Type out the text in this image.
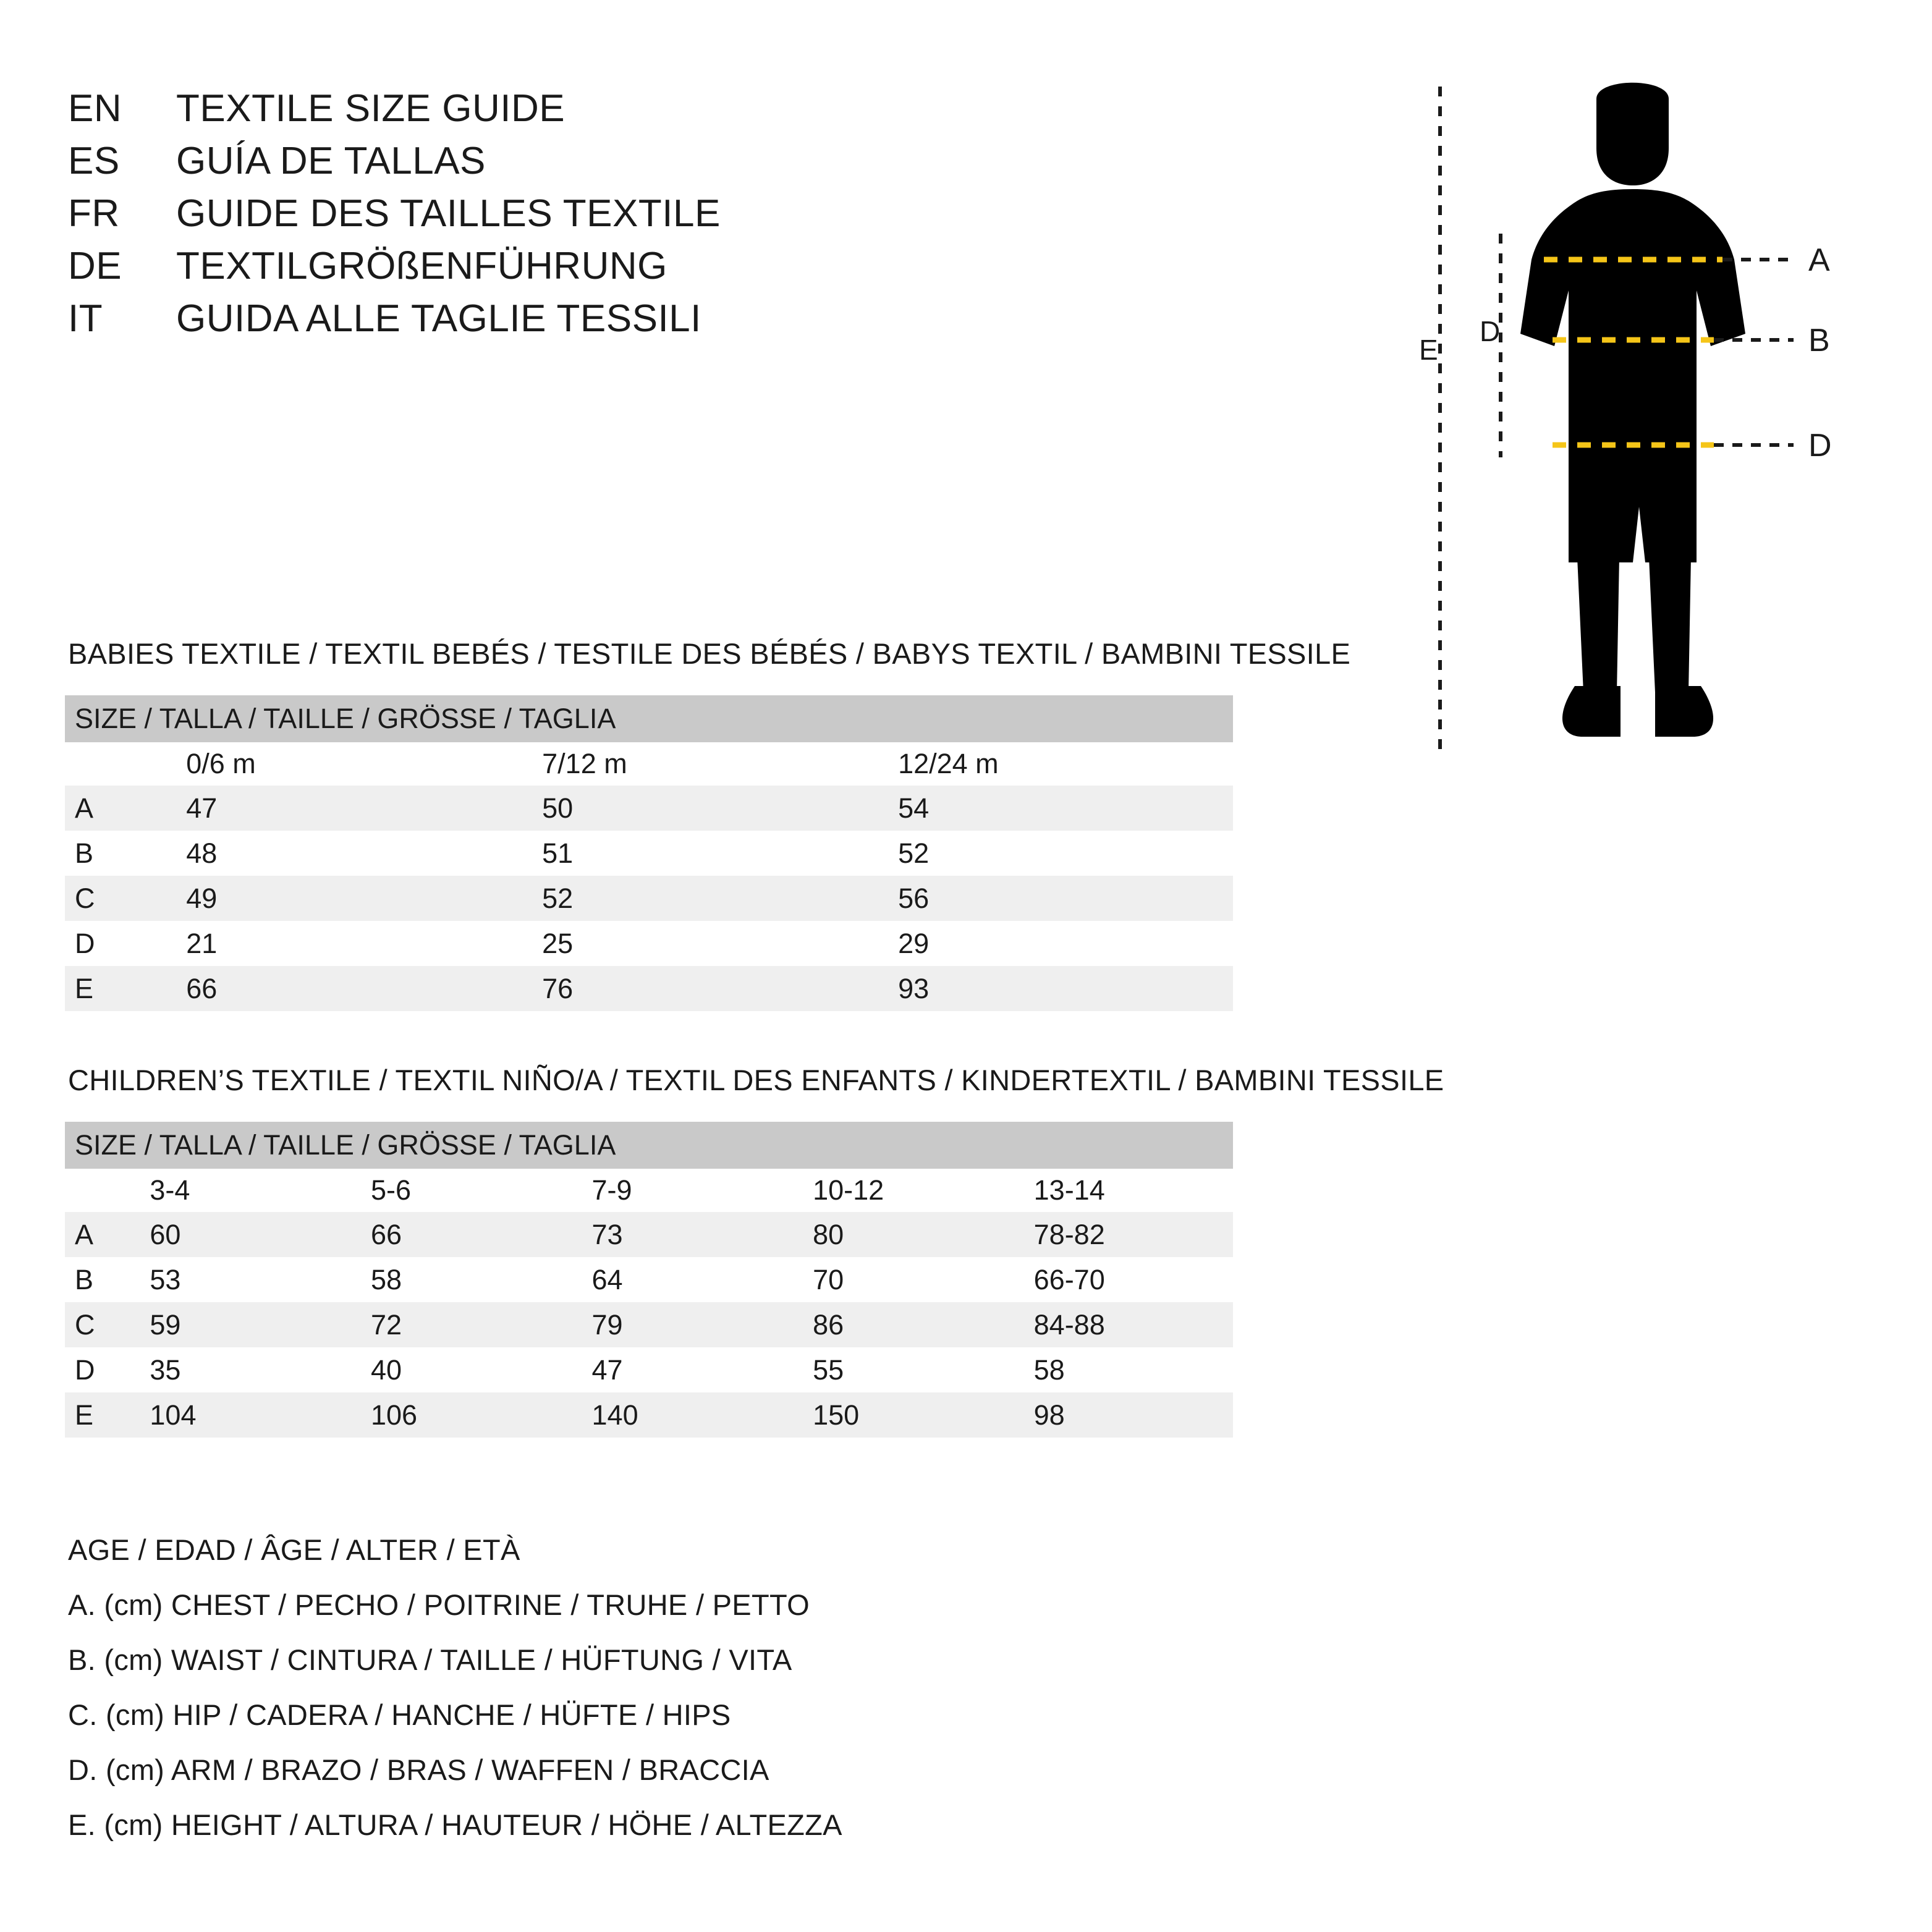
EN	TEXTILE SIZE GUIDE
ES	GUÍA DE TALLAS
FR	GUIDE DES TAILLES TEXTILE
DE	TEXTILGRÖßENFÜHRUNG
IT	GUIDA ALLE TAGLIE TESSILI
A
B
D
D
E
BABIES TEXTILE / TEXTIL BEBÉS / TESTILE DES BÉBÉS / BABYS TEXTIL / BAMBINI TESSILE
SIZE / TALLA / TAILLE / GRÖSSE / TAGLIA			
	0/6 m	7/12 m	12/24 m
A	47	50	54
B	48	51	52
C	49	52	56
D	21	25	29
E	66	76	93
CHILDREN’S TEXTILE / TEXTIL NIÑO/A / TEXTIL DES ENFANTS / KINDERTEXTIL / BAMBINI TESSILE
SIZE / TALLA / TAILLE / GRÖSSE / TAGLIA					
	3-4	5-6	7-9	10-12	13-14
A	60	66	73	80	78-82
B	53	58	64	70	66-70
C	59	72	79	86	84-88
D	35	40	47	55	58
E	104	106	140	150	98
AGE / EDAD / ÂGE / ALTER / ETÀ
A. (cm) CHEST / PECHO / POITRINE / TRUHE / PETTO
B. (cm) WAIST / CINTURA / TAILLE / HÜFTUNG / VITA
C. (cm) HIP / CADERA / HANCHE / HÜFTE / HIPS
D. (cm) ARM / BRAZO / BRAS / WAFFEN / BRACCIA
E. (cm) HEIGHT / ALTURA / HAUTEUR / HÖHE / ALTEZZA
